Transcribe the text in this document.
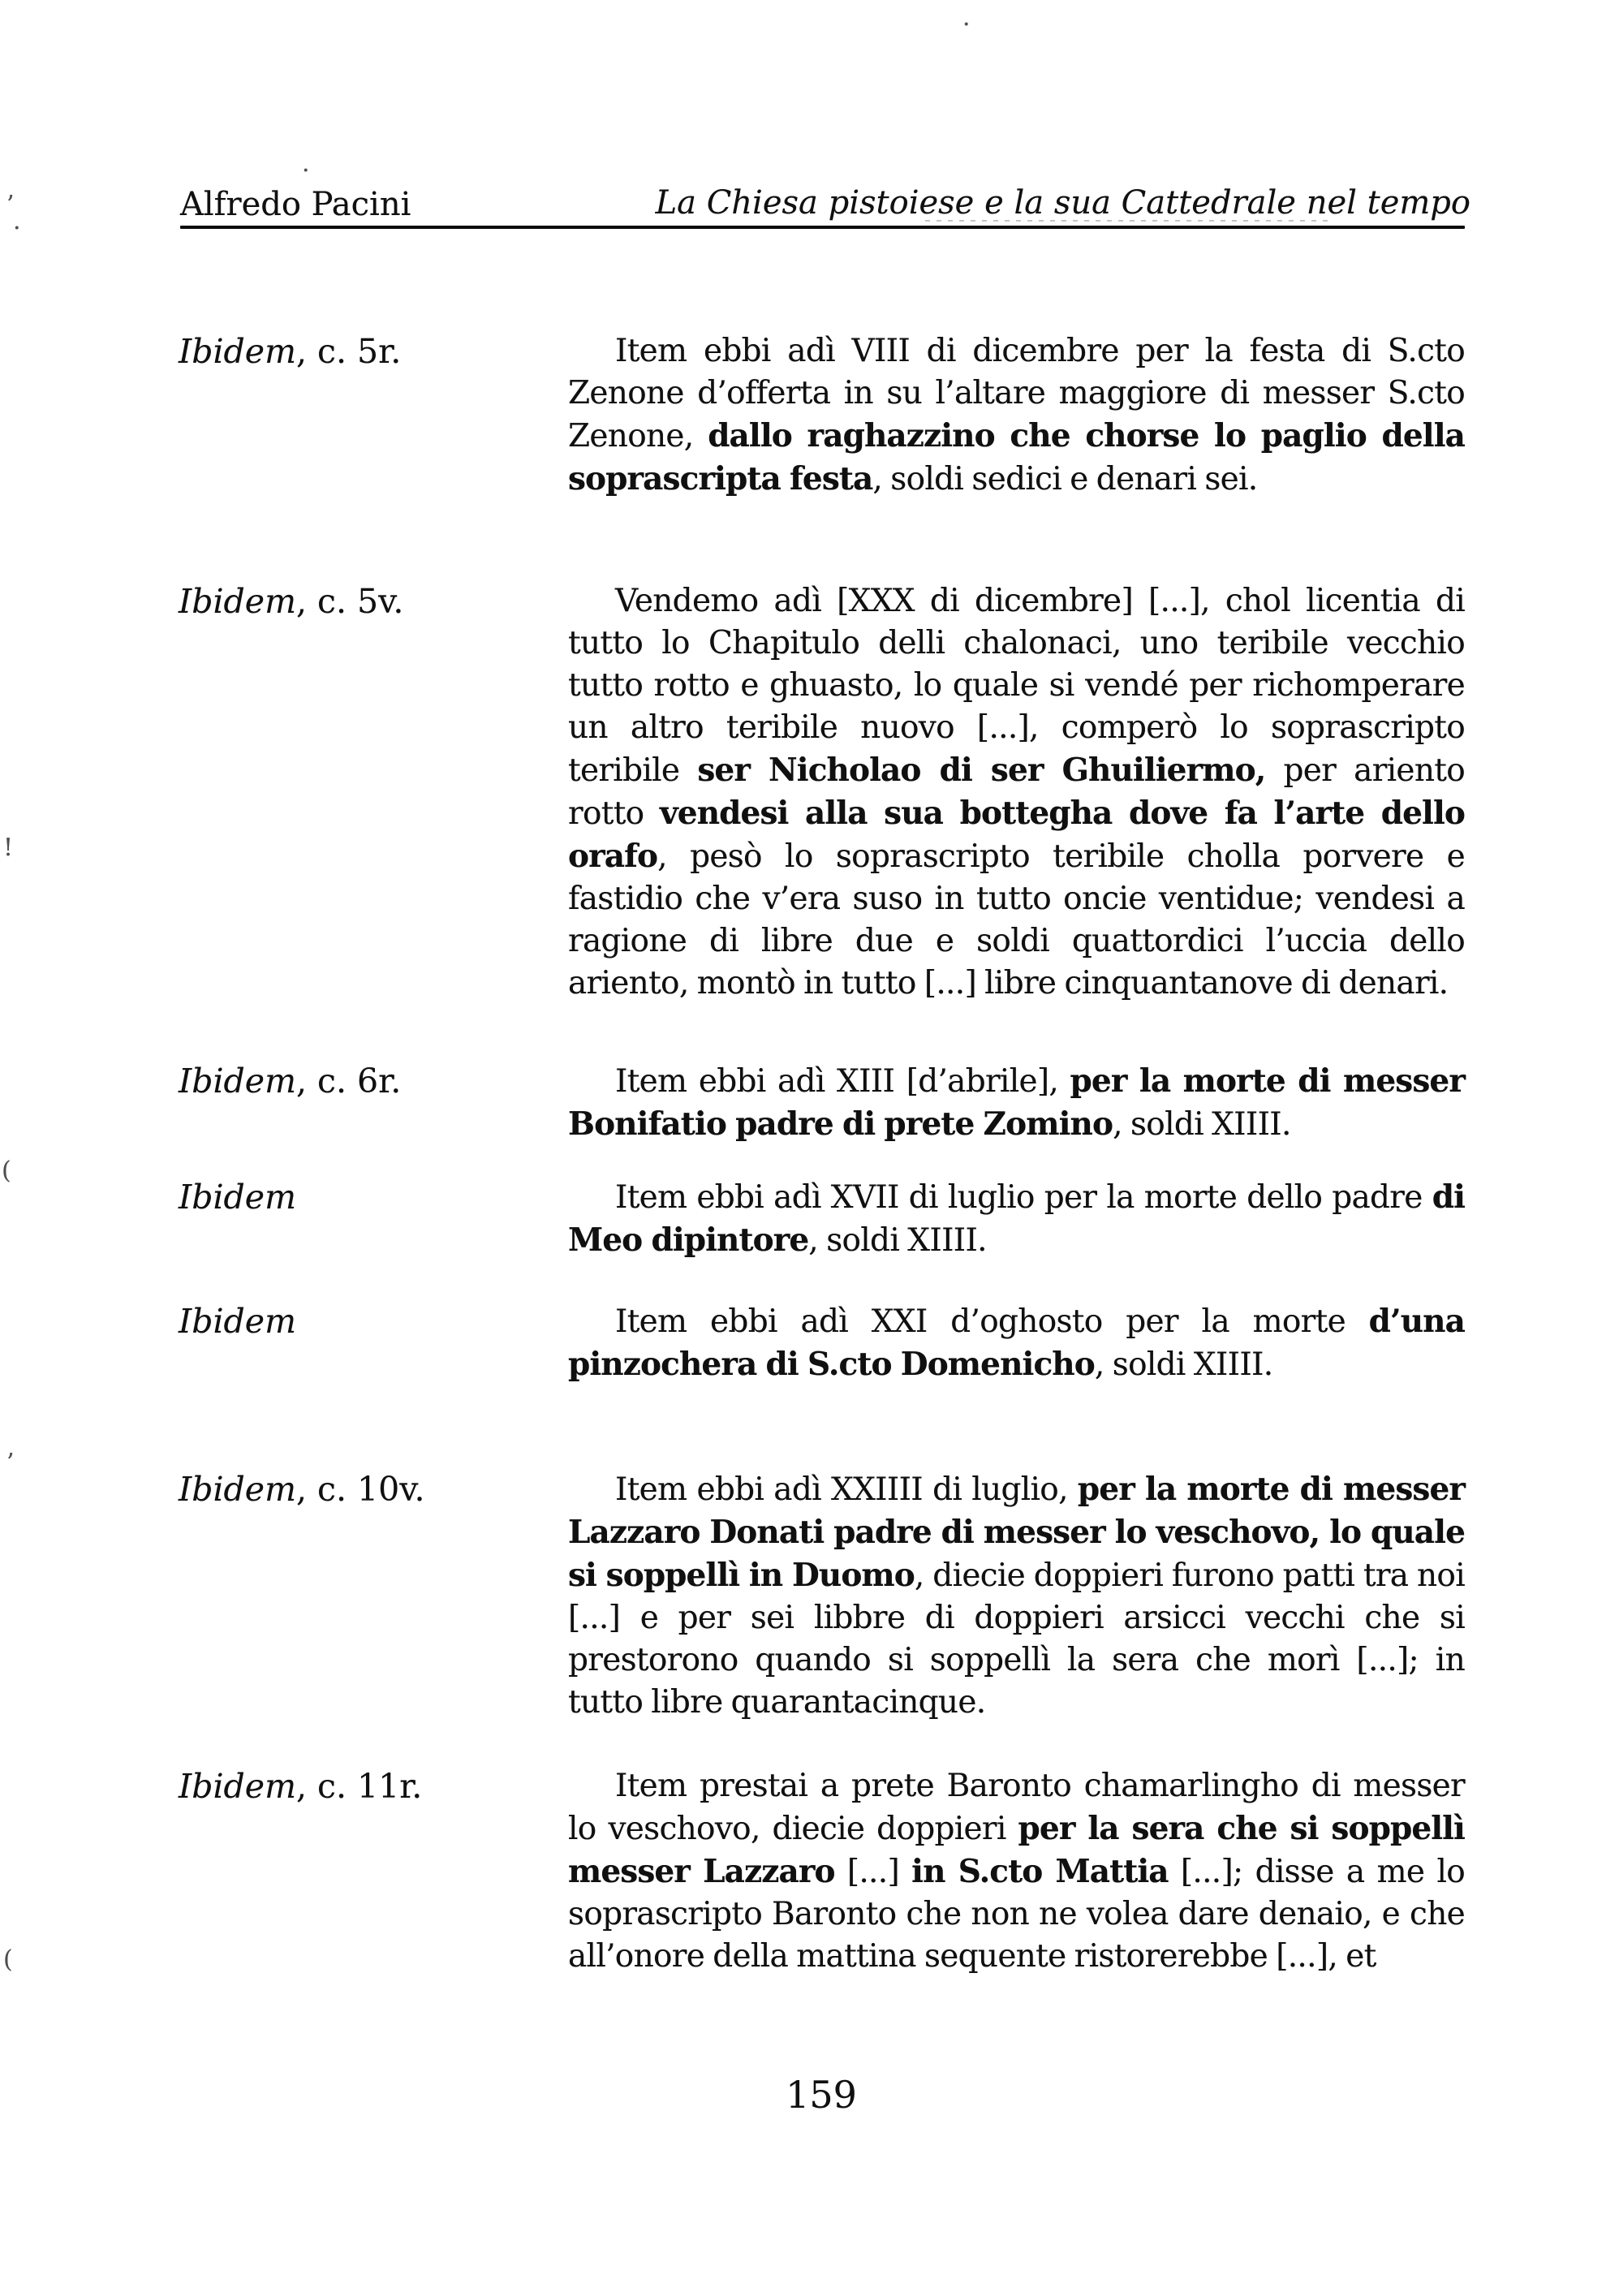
Alfredo Pacini	La Chiesa pistoiese e la sua Cattedrale nel tempo
Ibidem, c. 5r.	Item ebbi adì VIII di dicembre per la festa di S.cto Zenone d’offerta in su l’altare maggiore di messer S.cto Zenone, dallo raghazzino che chorse lo paglio della soprascripta festa, soldi sedici e denari sei.
Ibidem, c. 5v.	Vendemo adì [XXX di dicembre] [...], chol licentia di tutto lo Chapitulo delli chalonaci, uno teribile vecchio tutto rotto e ghuasto, lo quale si vendé per richomperare un altro teribile nuovo [...], comperò lo soprascripto teribile ser Nicholao di ser Ghuiliermo, per ariento rotto vendesi alla sua bottegha dove fa l’arte dello orafo, pesò lo soprascripto teribile cholla porvere e fastidio che v’era suso in tutto oncie ventidue; vendesi a ragione di libre due e soldi quattordici l’uccia dello ariento, montò in tutto [...] libre cinquantanove di denari.
Ibidem, c. 6r.	Item ebbi adì XIII [d’abrile], per la morte di messer Bonifatio padre di prete Zomino, soldi XIIII.
Ibidem	Item ebbi adì XVII di luglio per la morte dello padre di Meo dipintore, soldi XIIII.
Ibidem	Item ebbi adì XXI d’oghosto per la morte d’una pinzochera di S.cto Domenicho, soldi XIIII.
Ibidem, c. 10v.	Item ebbi adì XXIIII di luglio, per la morte di messer Lazzaro Donati padre di messer lo veschovo, lo quale si soppellì in Duomo, diecie doppieri furono patti tra noi [...] e per sei libbre di doppieri arsicci vecchi che si prestorono quando si soppellì la sera che morì [...]; in tutto libre quarantacinque.
Ibidem, c. 11r.	Item prestai a prete Baronto chamarlingho di messer lo veschovo, diecie doppieri per la sera che si soppellì messer Lazzaro [...] in S.cto Mattia [...]; disse a me lo soprascripto Baronto che non ne volea dare denaio, e che all’onore della mattina sequente ristorerebbe [...], et
159
’
.
!
(
’
(
·
·
